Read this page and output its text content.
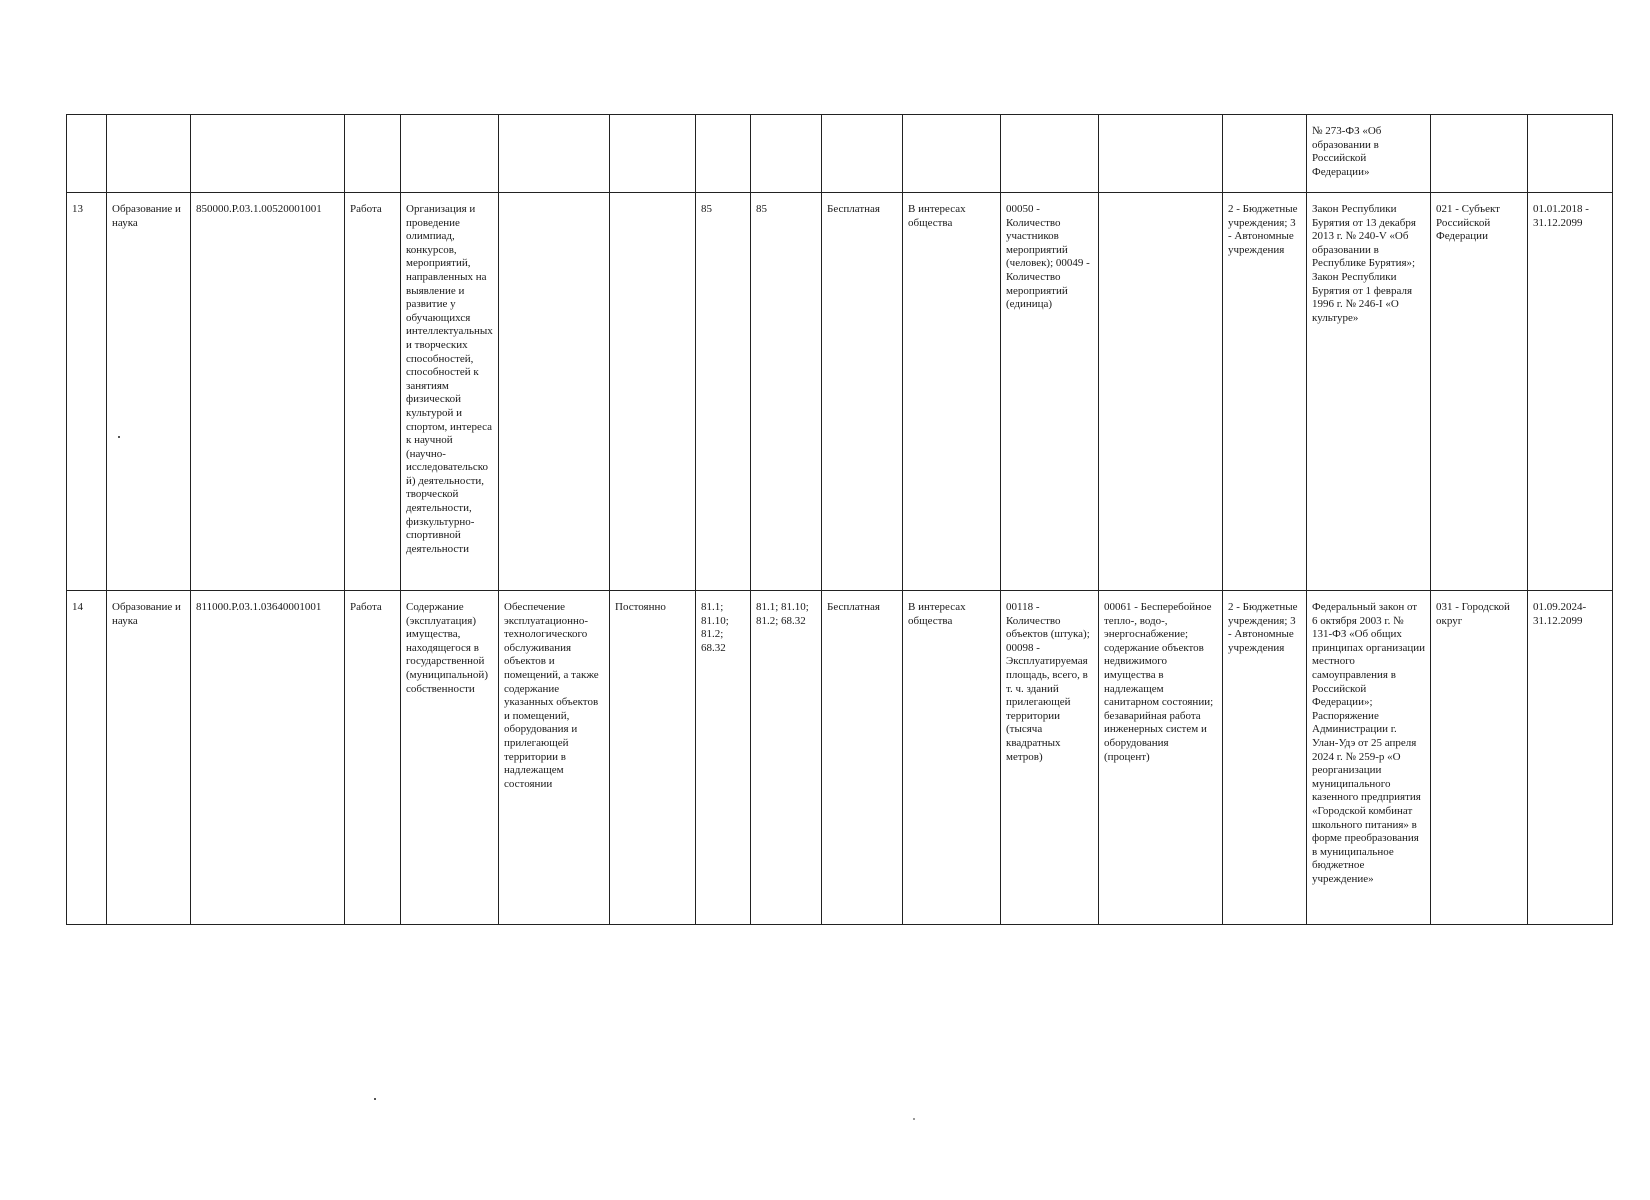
														№ 273-ФЗ «Об образовании в Российской Федерации»		
13	Образование и наука	850000.Р.03.1.00520001001	Работа	Организация и проведение олимпиад, конкурсов, мероприятий, направленных на выявление и развитие у обучающихся интеллектуальных и творческих способностей, способностей к занятиям физической культурой и спортом, интереса к научной (научно-исследовательской) деятельности, творческой деятельности, физкультурно-спортивной деятельности			85	85	Бесплатная	В интересах общества	00050 - Количество участников мероприятий (человек); 00049 - Количество мероприятий (единица)		2 - Бюджетные учреждения; 3 - Автономные учреждения	Закон Республики Бурятия от 13 декабря 2013 г. № 240-V «Об образовании в Республике Бурятия»; Закон Республики Бурятия от 1 февраля 1996 г. № 246-I «О культуре»	021 - Субъект Российской Федерации	01.01.2018 - 31.12.2099
14	Образование и наука	811000.Р.03.1.03640001001	Работа	Содержание (эксплуатация) имущества, находящегося в государственной (муниципальной) собственности	Обеспечение эксплуатационно-технологического обслуживания объектов и помещений, а также содержание указанных объектов и помещений, оборудования и прилегающей территории в надлежащем состоянии	Постоянно	81.1; 81.10; 81.2; 68.32	81.1; 81.10; 81.2; 68.32	Бесплатная	В интересах общества	00118 - Количество объектов (штука); 00098 - Эксплуатируемая площадь, всего, в т. ч. зданий прилегающей территории (тысяча квадратных метров)	00061 - Бесперебойное тепло-, водо-, энергоснабжение; содержание объектов недвижимого имущества в надлежащем санитарном состоянии; безаварийная работа инженерных систем и оборудования (процент)	2 - Бюджетные учреждения; 3 - Автономные учреждения	Федеральный закон от 6 октября 2003 г. № 131-ФЗ «Об общих принципах организации местного самоуправления в Российской Федерации»; Распоряжение Администрации г. Улан-Удэ от 25 апреля 2024 г. № 259-р «О реорганизации муниципального казенного предприятия «Городской комбинат школьного питания» в форме преобразования в муниципальное бюджетное учреждение»	031 - Городской округ	01.09.2024-31.12.2099
